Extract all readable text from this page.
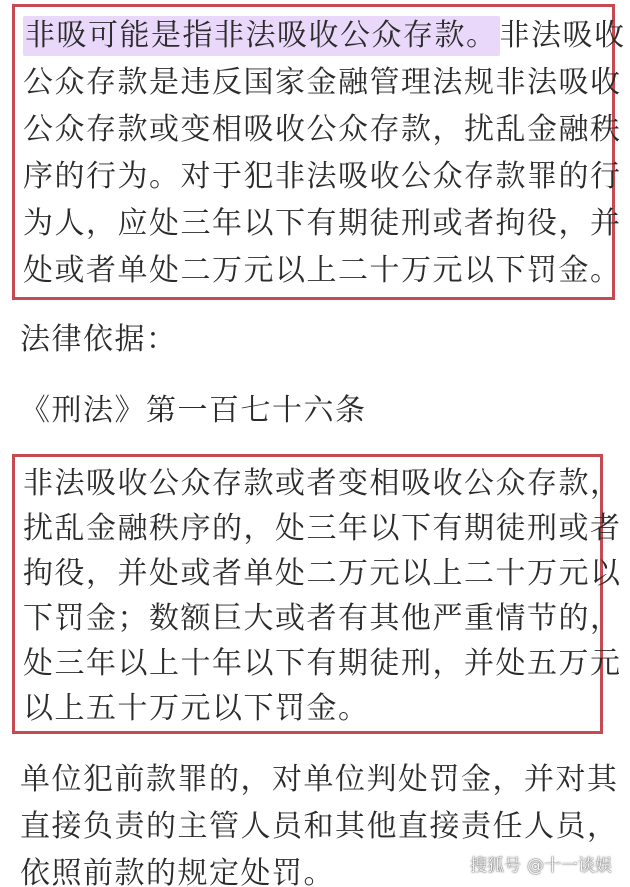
非吸可能是指非法吸收公众存款。非法吸收
公众存款是违反国家金融管理法规非法吸收
公众存款或变相吸收公众存款，扰乱金融秩
序的行为。对于犯非法吸收公众存款罪的行
为人，应处三年以下有期徒刑或者拘役，并
处或者单处二万元以上二十万元以下罚金。
法律依据：
《刑法》第一百七十六条
非法吸收公众存款或者变相吸收公众存款，
扰乱金融秩序的，处三年以下有期徒刑或者
拘役，并处或者单处二万元以上二十万元以
下罚金；数额巨大或者有其他严重情节的，
处三年以上十年以下有期徒刑，并处五万元
以上五十万元以下罚金。
单位犯前款罪的，对单位判处罚金，并对其
直接负责的主管人员和其他直接责任人员，
依照前款的规定处罚。	搜狐号 @十一谈娱
